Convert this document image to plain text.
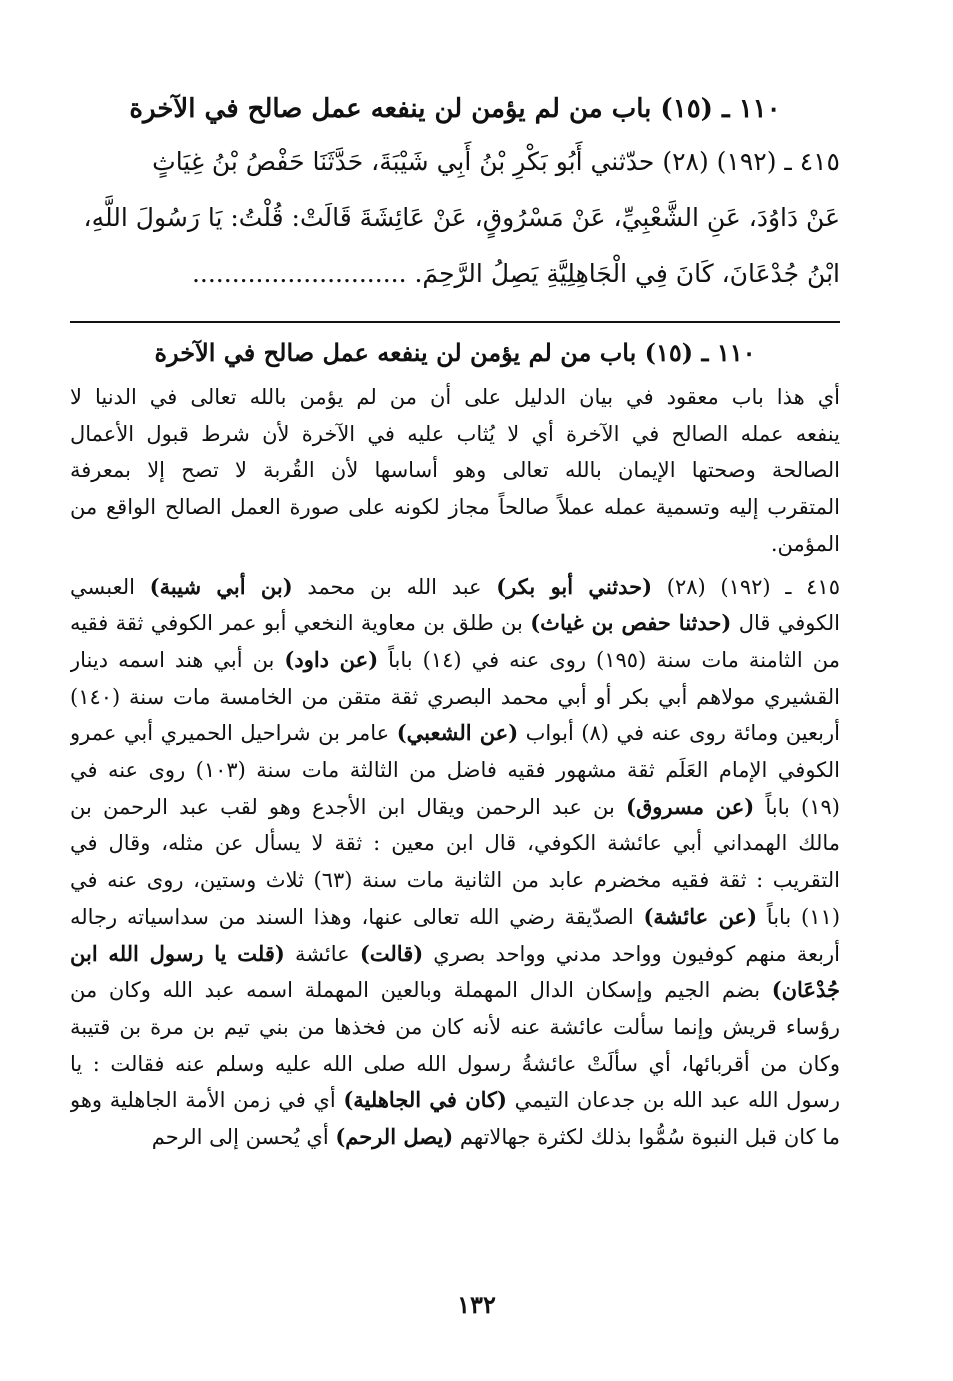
١١٠ ـ (١٥) باب من لم يؤمن لن ينفعه عمل صالح في الآخرة
٤١٥ ـ (١٩٢) (٢٨) حدّثني أَبُو بَكْرِ بْنُ أَبِي شَيْبَةَ، حَدَّثَنَا حَفْصُ بْنُ غِيَاثٍ
عَنْ دَاوُدَ، عَنِ الشَّعْبِيِّ، عَنْ مَسْرُوقٍ، عَنْ عَائِشَةَ قَالَتْ: قُلْتُ: يَا رَسُولَ اللَّهِ،
ابْنُ جُدْعَانَ، كَانَ فِي الْجَاهِلِيَّةِ يَصِلُ الرَّحِمَ. ...........................
١١٠ ـ (١٥) باب من لم يؤمن لن ينفعه عمل صالح في الآخرة
أي هذا باب معقود في بيان الدليل على أن من لم يؤمن بالله تعالى في الدنيا لا
ينفعه عمله الصالح في الآخرة أي لا يُثاب عليه في الآخرة لأن شرط قبول الأعمال
الصالحة وصحتها الإيمان بالله تعالى وهو أساسها لأن القُربة لا تصح إلا بمعرفة
المتقرب إليه وتسمية عمله عملاً صالحاً مجاز لكونه على صورة العمل الصالح الواقع من
المؤمن.
٤١٥ ـ (١٩٢) (٢٨) (حدثني أبو بكر) عبد الله بن محمد (بن أبي شيبة) العبسي
الكوفي قال (حدثنا حفص بن غياث) بن طلق بن معاوية النخعي أبو عمر الكوفي ثقة فقيه
من الثامنة مات سنة (١٩٥) روى عنه في (١٤) باباً (عن داود) بن أبي هند اسمه دينار
القشيري مولاهم أبي بكر أو أبي محمد البصري ثقة متقن من الخامسة مات سنة (١٤٠)
أربعين ومائة روى عنه في (٨) أبواب (عن الشعبي) عامر بن شراحيل الحميري أبي عمرو
الكوفي الإمام العَلَم ثقة مشهور فقيه فاضل من الثالثة مات سنة (١٠٣) روى عنه في
(١٩) باباً (عن مسروق) بن عبد الرحمن ويقال ابن الأجدع وهو لقب عبد الرحمن بن
مالك الهمداني أبي عائشة الكوفي، قال ابن معين : ثقة لا يسأل عن مثله، وقال في
التقريب : ثقة فقيه مخضرم عابد من الثانية مات سنة (٦٣) ثلاث وستين، روى عنه في
(١١) باباً (عن عائشة) الصدّيقة رضي الله تعالى عنها، وهذا السند من سداسياته رجاله
أربعة منهم كوفيون وواحد مدني وواحد بصري (قالت) عائشة (قلت يا رسول الله ابن
جُدْعَان) بضم الجيم وإسكان الدال المهملة وبالعين المهملة اسمه عبد الله وكان من
رؤساء قريش وإنما سألت عائشة عنه لأنه كان من فخذها من بني تيم بن مرة بن قتيبة
وكان من أقربائها، أي سألَتْ عائشةُ رسول الله صلى الله عليه وسلم عنه فقالت : يا
رسول الله عبد الله بن جدعان التيمي (كان في الجاهلية) أي في زمن الأمة الجاهلية وهو
ما كان قبل النبوة سُمُّوا بذلك لكثرة جهالاتهم (يصل الرحم) أي يُحسن إلى الرحم
١٣٢
